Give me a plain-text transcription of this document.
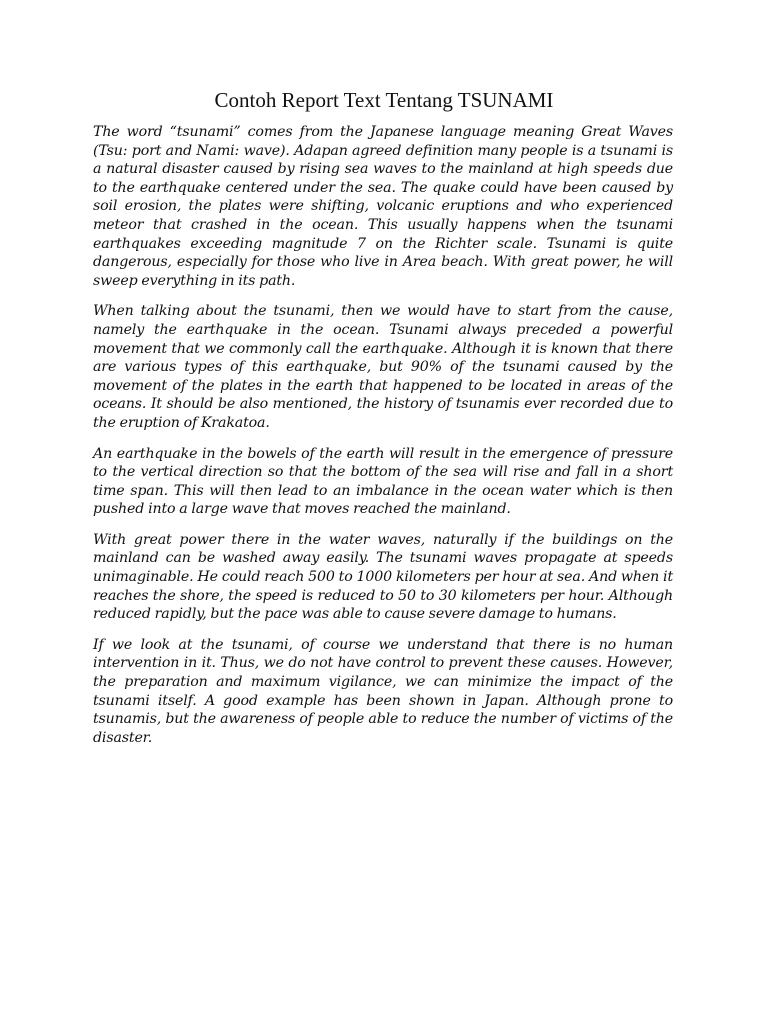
Contoh Report Text Tentang TSUNAMI

The word “tsunami” comes from the Japanese language meaning Great Waves (Tsu: port and Nami: wave). Adapan agreed definition many people is a tsunami is a natural disaster caused by rising sea waves to the mainland at high speeds due to the earthquake centered under the sea. The quake could have been caused by soil erosion, the plates were shifting, volcanic eruptions and who experienced meteor that crashed in the ocean. This usually happens when the tsunami earthquakes exceeding magnitude 7 on the Richter scale. Tsunami is quite dangerous, especially for those who live in Area beach. With great power, he will sweep everything in its path.

When talking about the tsunami, then we would have to start from the cause, namely the earthquake in the ocean. Tsunami always preceded a powerful movement that we commonly call the earthquake. Although it is known that there are various types of this earthquake, but 90% of the tsunami caused by the movement of the plates in the earth that happened to be located in areas of the oceans. It should be also mentioned, the history of tsunamis ever recorded due to the eruption of Krakatoa.

An earthquake in the bowels of the earth will result in the emergence of pressure to the vertical direction so that the bottom of the sea will rise and fall in a short time span. This will then lead to an imbalance in the ocean water which is then pushed into a large wave that moves reached the mainland.

With great power there in the water waves, naturally if the buildings on the mainland can be washed away easily. The tsunami waves propagate at speeds unimaginable. He could reach 500 to 1000 kilometers per hour at sea. And when it reaches the shore, the speed is reduced to 50 to 30 kilometers per hour. Although reduced rapidly, but the pace was able to cause severe damage to humans.

If we look at the tsunami, of course we understand that there is no human intervention in it. Thus, we do not have control to prevent these causes. However, the preparation and maximum vigilance, we can minimize the impact of the tsunami itself. A good example has been shown in Japan. Although prone to tsunamis, but the awareness of people able to reduce the number of victims of the disaster.
